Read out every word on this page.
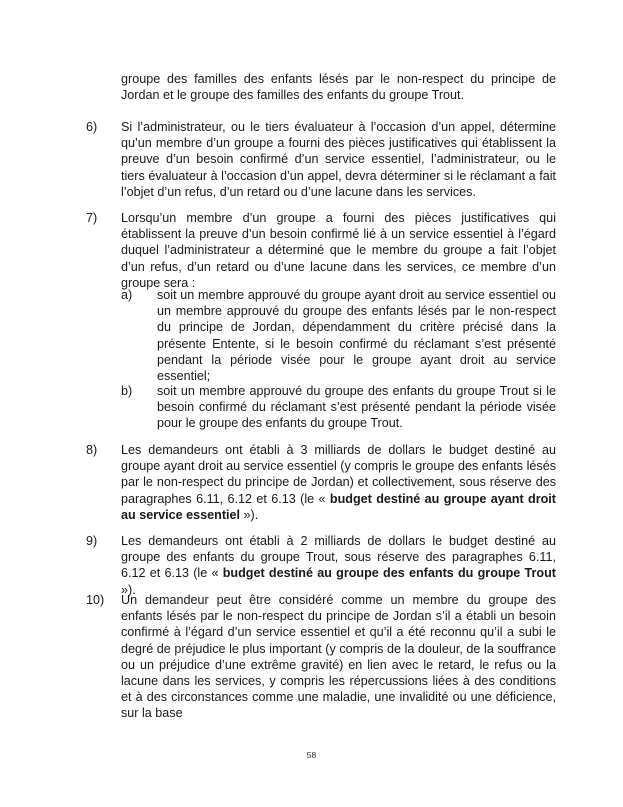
groupe des familles des enfants lésés par le non-respect du principe de Jordan et le groupe des familles des enfants du groupe Trout.
6)	Si l’administrateur, ou le tiers évaluateur à l’occasion d’un appel, détermine qu’un membre d’un groupe a fourni des pièces justificatives qui établissent la preuve d’un besoin confirmé d’un service essentiel, l’administrateur, ou le tiers évaluateur à l’occasion d’un appel, devra déterminer si le réclamant a fait l’objet d’un refus, d’un retard ou d’une lacune dans les services.
7)	Lorsqu’un membre d’un groupe a fourni des pièces justificatives qui établissent la preuve d’un besoin confirmé lié à un service essentiel à l’égard duquel l’administrateur a déterminé que le membre du groupe a fait l’objet d’un refus, d’un retard ou d’une lacune dans les services, ce membre d’un groupe sera :
a)	soit un membre approuvé du groupe ayant droit au service essentiel ou un membre approuvé du groupe des enfants lésés par le non-respect du principe de Jordan, dépendamment du critère précisé dans la présente Entente, si le besoin confirmé du réclamant s’est présenté pendant la période visée pour le groupe ayant droit au service essentiel;
b)	soit un membre approuvé du groupe des enfants du groupe Trout si le besoin confirmé du réclamant s’est présenté pendant la période visée pour le groupe des enfants du groupe Trout.
8)	Les demandeurs ont établi à 3 milliards de dollars le budget destiné au groupe ayant droit au service essentiel (y compris le groupe des enfants lésés par le non-respect du principe de Jordan) et collectivement, sous réserve des paragraphes 6.11, 6.12 et 6.13 (le « budget destiné au groupe ayant droit au service essentiel »).
9)	Les demandeurs ont établi à 2 milliards de dollars le budget destiné au groupe des enfants du groupe Trout, sous réserve des paragraphes 6.11, 6.12 et 6.13 (le « budget destiné au groupe des enfants du groupe Trout »).
10)	Un demandeur peut être considéré comme un membre du groupe des enfants lésés par le non-respect du principe de Jordan s’il a établi un besoin confirmé à l’égard d’un service essentiel et qu’il a été reconnu qu’il a subi le degré de préjudice le plus important (y compris de la douleur, de la souffrance ou un préjudice d’une extrême gravité) en lien avec le retard, le refus ou la lacune dans les services, y compris les répercussions liées à des conditions et à des circonstances comme une maladie, une invalidité ou une déficience, sur la base
58
